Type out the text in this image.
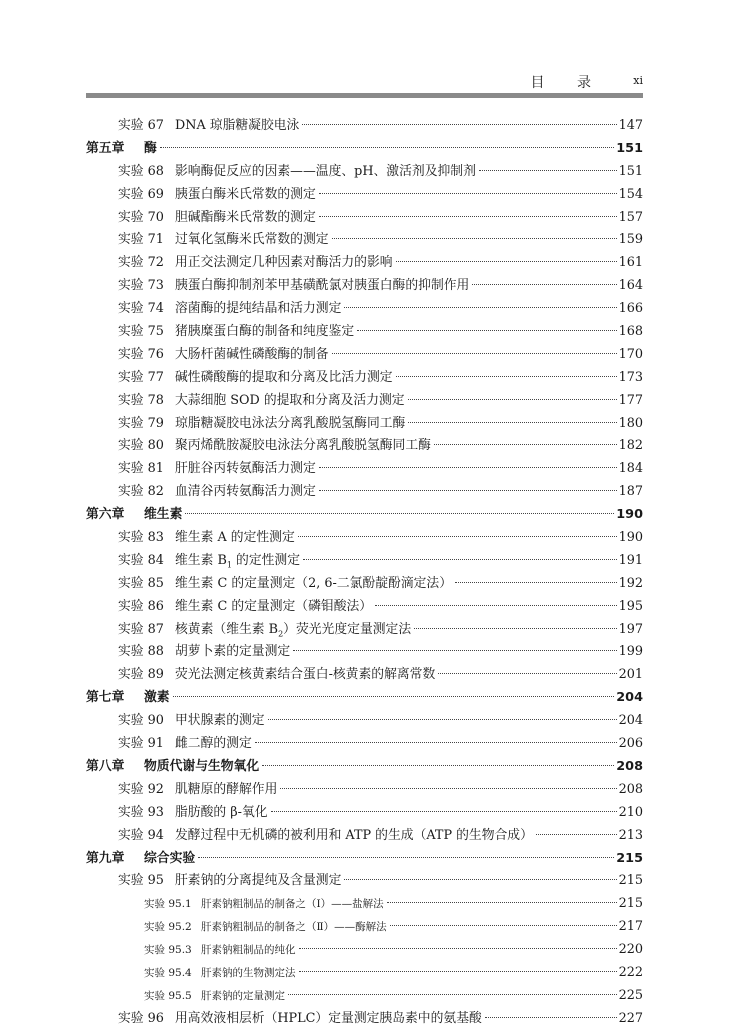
目 录	xi
实验 67 DNA 琼脂糖凝胶电泳	147
第五章	酶	151
实验 68 影响酶促反应的因素——温度、pH、激活剂及抑制剂	151
实验 69 胰蛋白酶米氏常数的测定	154
实验 70 胆碱酯酶米氏常数的测定	157
实验 71 过氧化氢酶米氏常数的测定	159
实验 72 用正交法测定几种因素对酶活力的影响	161
实验 73 胰蛋白酶抑制剂苯甲基磺酰氯对胰蛋白酶的抑制作用	164
实验 74 溶菌酶的提纯结晶和活力测定	166
实验 75 猪胰糜蛋白酶的制备和纯度鉴定	168
实验 76 大肠杆菌碱性磷酸酶的制备	170
实验 77 碱性磷酸酶的提取和分离及比活力测定	173
实验 78 大蒜细胞 SOD 的提取和分离及活力测定	177
实验 79 琼脂糖凝胶电泳法分离乳酸脱氢酶同工酶	180
实验 80 聚丙烯酰胺凝胶电泳法分离乳酸脱氢酶同工酶	182
实验 81 肝脏谷丙转氨酶活力测定	184
实验 82 血清谷丙转氨酶活力测定	187
第六章	维生素	190
实验 83 维生素 A 的定性测定	190
实验 84 维生素 $B_1$ 的定性测定	191
实验 85 维生素 C 的定量测定（2, 6-二氯酚靛酚滴定法）	192
实验 86 维生素 C 的定量测定（磷钼酸法）	195
实验 87 核黄素（维生素 $B_2$）荧光光度定量测定法	197
实验 88 胡萝卜素的定量测定	199
实验 89 荧光法测定核黄素结合蛋白-核黄素的解离常数	201
第七章	激素	204
实验 90 甲状腺素的测定	204
实验 91 雌二醇的测定	206
第八章	物质代谢与生物氧化	208
实验 92 肌糖原的酵解作用	208
实验 93 脂肪酸的 β-氧化	210
实验 94 发酵过程中无机磷的被利用和 ATP 的生成（ATP 的生物合成）	213
第九章	综合实验	215
实验 95 肝素钠的分离提纯及含量测定	215
实验 95.1 肝素钠粗制品的制备之（Ⅰ）——盐解法	215
实验 95.2 肝素钠粗制品的制备之（Ⅱ）——酶解法	217
实验 95.3 肝素钠粗制品的纯化	220
实验 95.4 肝素钠的生物测定法	222
实验 95.5 肝素钠的定量测定	225
实验 96 用高效液相层析（HPLC）定量测定胰岛素中的氨基酸	227
